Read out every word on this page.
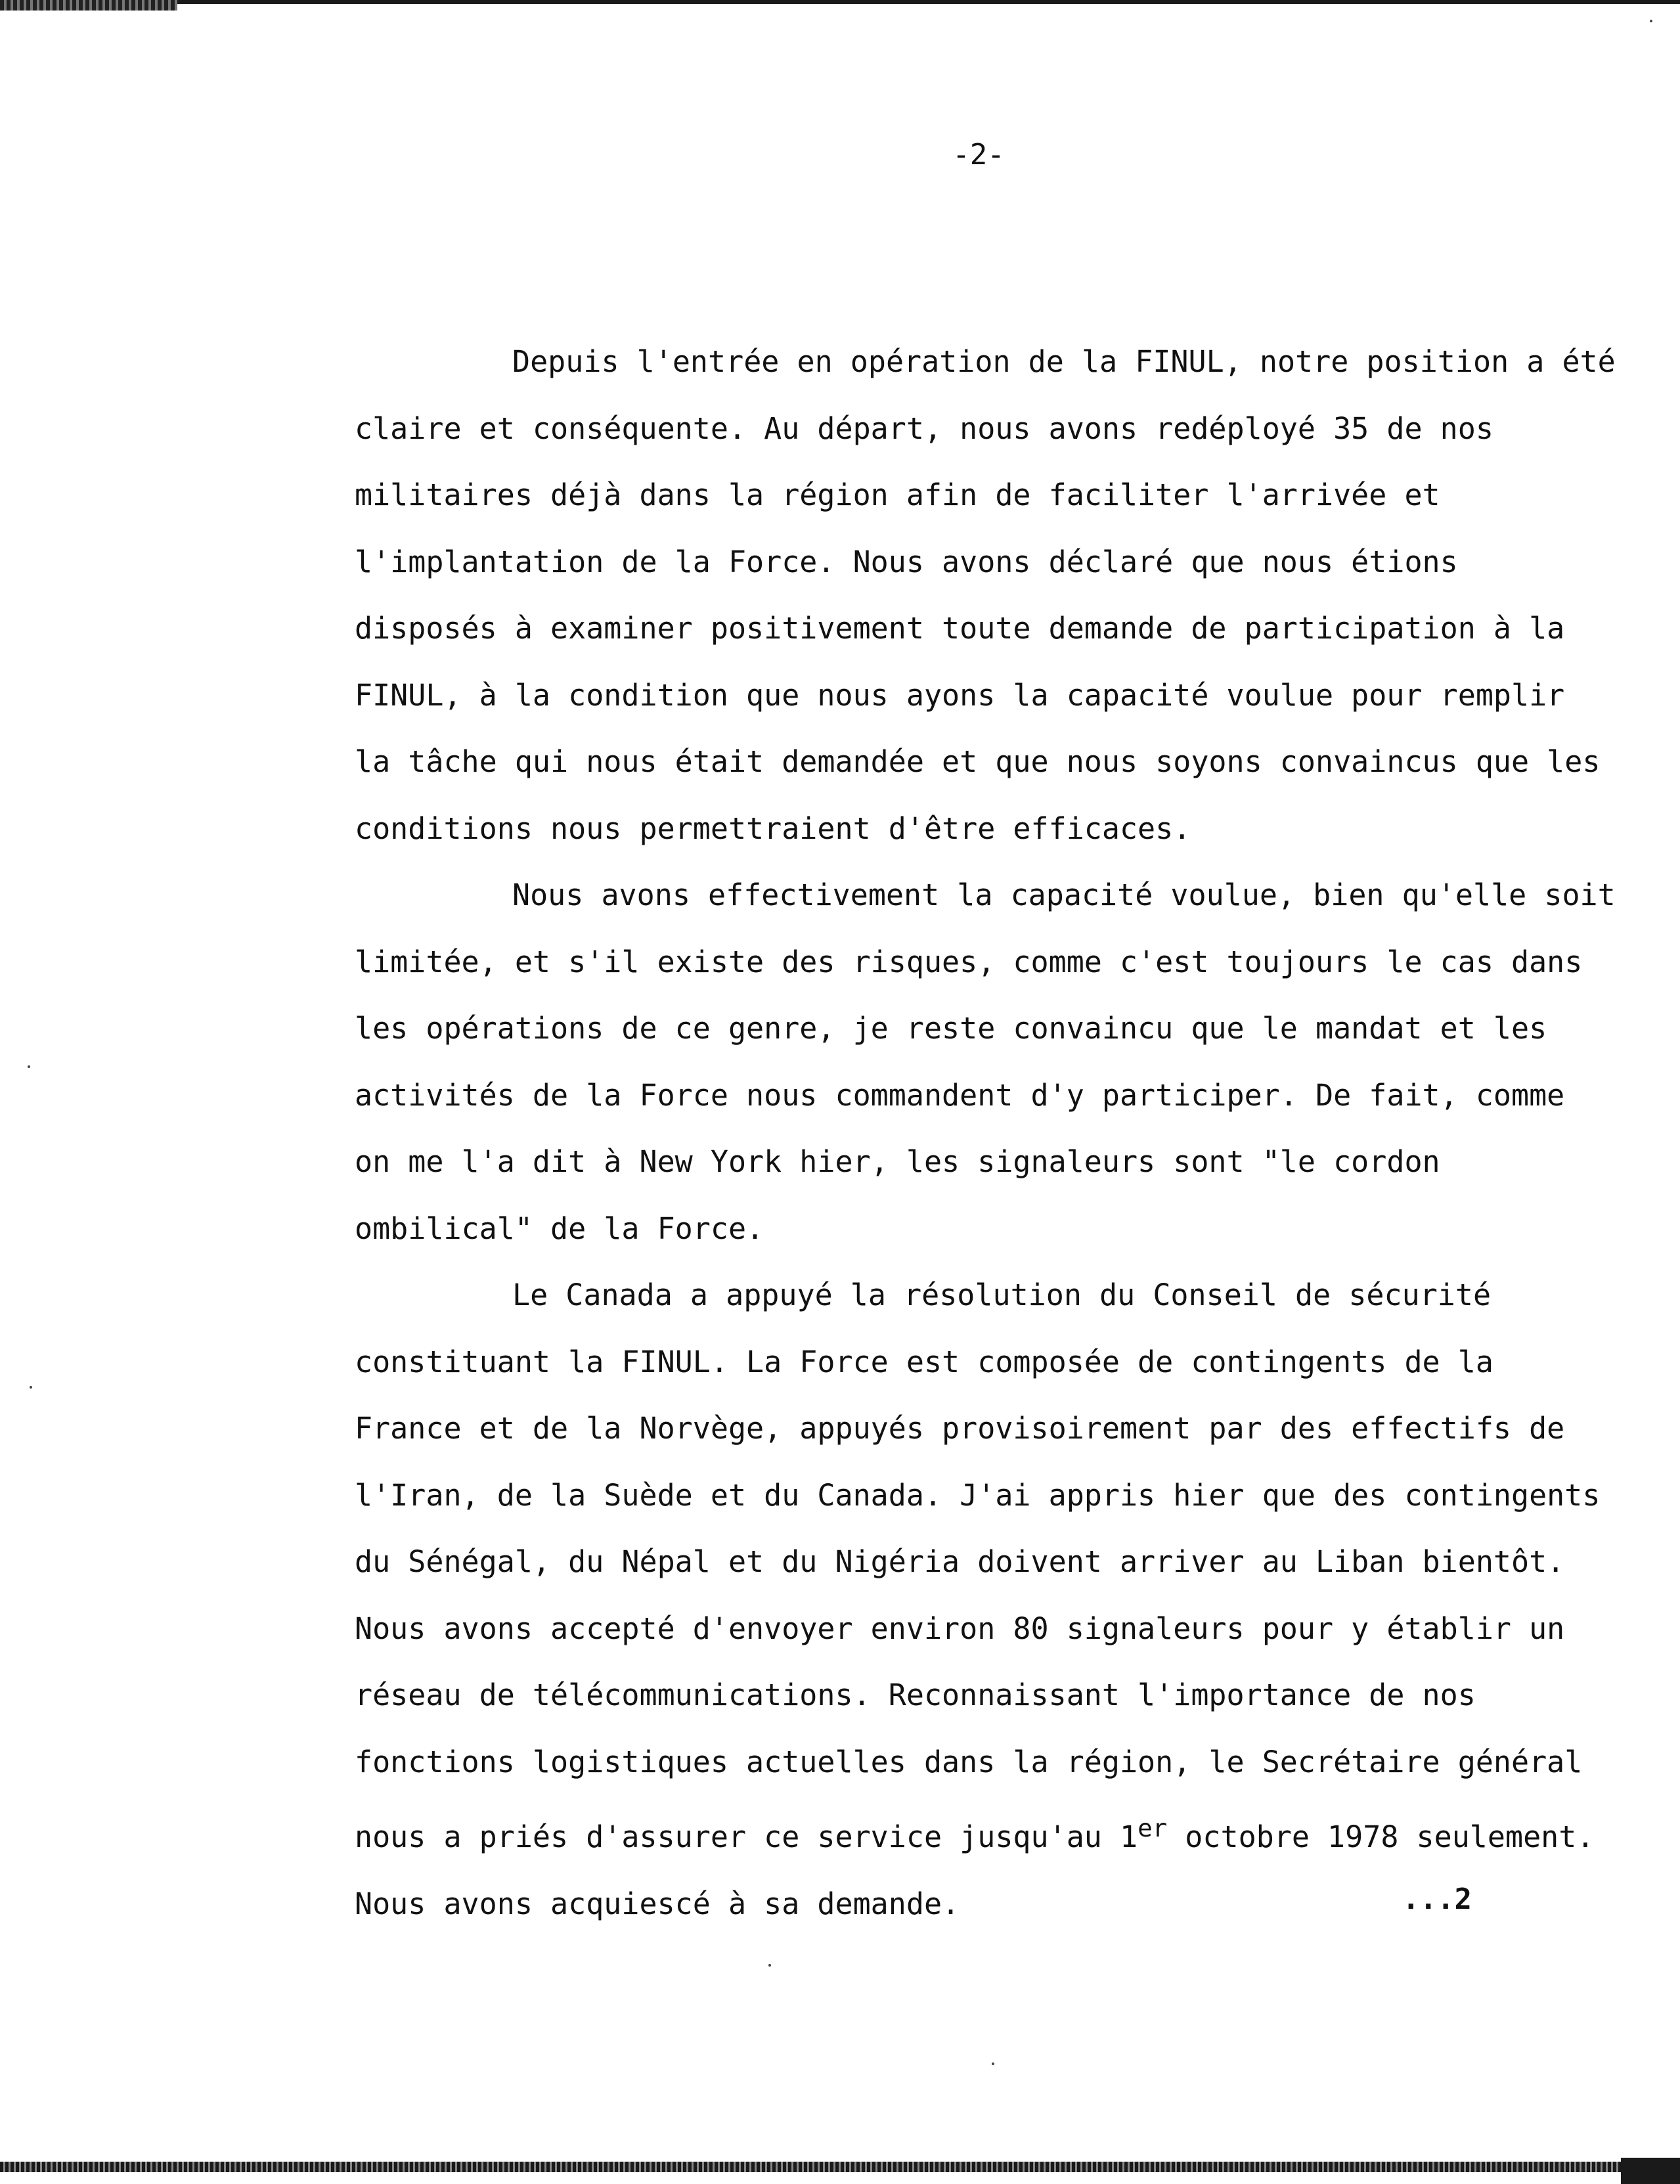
-2-

Depuis l'entrée en opération de la FINUL, notre position a été claire et conséquente. Au départ, nous avons redéployé 35 de nos militaires déjà dans la région afin de faciliter l'arrivée et l'implantation de la Force. Nous avons déclaré que nous étions disposés à examiner positivement toute demande de participation à la FINUL, à la condition que nous ayons la capacité voulue pour remplir la tâche qui nous était demandée et que nous soyons convaincus que les conditions nous permettraient d'être efficaces.

Nous avons effectivement la capacité voulue, bien qu'elle soit limitée, et s'il existe des risques, comme c'est toujours le cas dans les opérations de ce genre, je reste convaincu que le mandat et les activités de la Force nous commandent d'y participer. De fait, comme on me l'a dit à New York hier, les signaleurs sont "le cordon ombilical" de la Force.

Le Canada a appuyé la résolution du Conseil de sécurité constituant la FINUL. La Force est composée de contingents de la France et de la Norvège, appuyés provisoirement par des effectifs de l'Iran, de la Suède et du Canada. J'ai appris hier que des contingents du Sénégal, du Népal et du Nigéria doivent arriver au Liban bientôt. Nous avons accepté d'envoyer environ 80 signaleurs pour y établir un réseau de télécommunications. Reconnaissant l'importance de nos fonctions logistiques actuelles dans la région, le Secrétaire général nous a priés d'assurer ce service jusqu'au 1er octobre 1978 seulement. Nous avons acquiescé à sa demande.	...2
